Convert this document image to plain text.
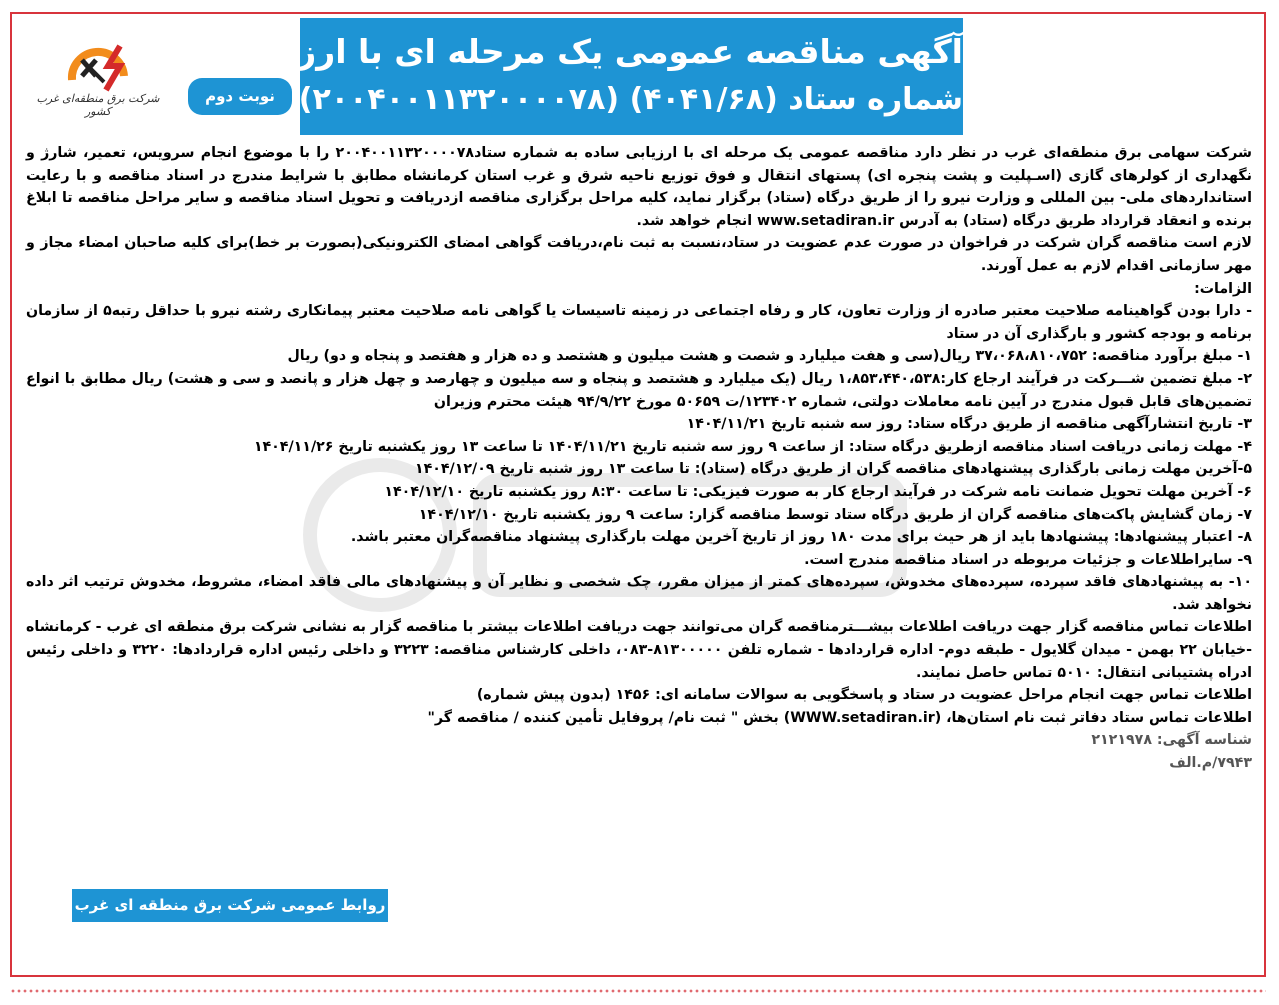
آگهی مناقصه عمومی یک مرحله ای با ارزیابی ساده
شماره ستاد (۴۰۴۱/۶۸) (۲۰۰۴۰۰۱۱۳۲۰۰۰۰۷۸)
نوبت دوم
شرکت برق منطقه‌ای غرب کشور

شرکت سهامی برق منطقه‌ای غرب در نظر دارد مناقصه عمومی یک مرحله ای با ارزیابی ساده به شماره ستاد۲۰۰۴۰۰۱۱۳۲۰۰۰۰۷۸ را با موضوع انجام سرویس، تعمیر، شارژ و نگهداری از کولرهای گازی (اسـپلیت و پشت پنجره ای) پستهای انتقال و فوق توزیع ناحیه شرق و غرب استان کرمانشاه مطابق با شرایط مندرج در اسناد مناقصه و با رعایت استانداردهای ملی- بین المللی و وزارت نیرو را از طریق درگاه (ستاد) برگزار نماید، کلیه مراحل برگزاری مناقصه ازدریافت و تحویل اسناد مناقصه و سایر مراحل مناقصه تا ابلاغ برنده و انعقاد قرارداد طریق درگاه (ستاد) به آدرس www.setadiran.ir انجام خواهد شد.

لازم است مناقصه گران شرکت در فراخوان در صورت عدم عضویت در ستاد،نسبت به ثبت نام،دریافت گواهی امضای الکترونیکی(بصورت بر خط)برای کلیه صاحبان امضاء مجاز و مهر سازمانی اقدام لازم به عمل آورند.

الزامات:

- دارا بودن گواهینامه صلاحیت معتبر صادره از وزارت تعاون، کار و رفاه اجتماعی در زمینه تاسیسات یا گواهی نامه صلاحیت معتبر پیمانکاری رشته نیرو با حداقل رتبه۵ از سازمان برنامه و بودجه کشور و بارگذاری آن در ستاد

۱- مبلغ برآورد مناقصه: ۳۷،۰۶۸،۸۱۰،۷۵۲ ریال(سی و هفت میلیارد و شصت و هشت میلیون و هشتصد و ده هزار و هفتصد و پنجاه و دو) ریال

۲- مبلغ تضمین شـــرکت در فرآیند ارجاع کار:۱،۸۵۳،۴۴۰،۵۳۸ ریال (یک میلیارد و هشتصد و پنجاه و سه میلیون و چهارصد و چهل هزار و پانصد و سی و هشت) ریال مطابق با انواع تضمین‌های قابل قبول مندرج در آیین نامه معاملات دولتی، شماره ۱۲۳۴۰۲/ت ۵۰۶۵۹ مورخ ۹۴/۹/۲۲ هیئت محترم وزیران

۳- تاریخ انتشارآگهی مناقصه از طریق درگاه ستاد: روز سه شنبه تاریخ ۱۴۰۴/۱۱/۲۱

۴- مهلت زمانی دریافت اسناد مناقصه ازطریق درگاه ستاد: از ساعت ۹ روز سه شنبه تاریخ ۱۴۰۴/۱۱/۲۱ تا ساعت ۱۳ روز یکشنبه تاریخ ۱۴۰۴/۱۱/۲۶

۵-آخرین مهلت زمانی بارگذاری پیشنهادهای مناقصه گران از طریق درگاه (ستاد): تا ساعت ۱۳ روز شنبه تاریخ ۱۴۰۴/۱۲/۰۹

۶- آخرین مهلت تحویل ضمانت نامه شرکت در فرآیند ارجاع کار به صورت فیزیکی: تا ساعت ۸:۳۰ روز یکشنبه تاریخ ۱۴۰۴/۱۲/۱۰

۷- زمان گشایش پاکت‌های مناقصه گران از طریق درگاه ستاد توسط مناقصه گزار: ساعت ۹ روز یکشنبه تاریخ ۱۴۰۴/۱۲/۱۰

۸- اعتبار پیشنهادها: پیشنهادها باید از هر حیث برای مدت ۱۸۰ روز از تاریخ آخرین مهلت بارگذاری پیشنهاد مناقصه‌گران معتبر باشد.

۹- سایراطلاعات و جزئیات مربوطه در اسناد مناقصه مندرج است.

۱۰- به پیشنهادهای فاقد سپرده، سپرده‌های مخدوش، سپرده‌های کمتر از میزان مقرر، چک شخصی و نظایر آن و پیشنهادهای مالی فاقد امضاء، مشروط، مخدوش ترتیب اثر داده نخواهد شد.

اطلاعات تماس مناقصه گزار جهت دریافت اطلاعات بیشـــترمناقصه گران می‌توانند جهت دریافت اطلاعات بیشتر با مناقصه گزار به نشانی شرکت برق منطقه ای غرب - کرمانشاه -خیابان ۲۲ بهمن - میدان گلایول - طبقه دوم- اداره قراردادها - شماره تلفن ۸۱۳۰۰۰۰۰-۰۸۳، داخلی کارشناس مناقصه: ۳۲۲۳ و داخلی رئیس اداره قراردادها: ۳۲۲۰ و داخلی رئیس ادراه پشتیبانی انتقال: ۵۰۱۰ تماس حاصل نمایند.

اطلاعات تماس جهت انجام مراحل عضویت در ستاد و پاسخگویی به سوالات سامانه ای: ۱۴۵۶ (بدون پیش شماره)

اطلاعات تماس ستاد دفاتر ثبت نام استان‌ها، (WWW.setadiran.ir) بخش " ثبت نام/ پروفایل تأمین کننده / مناقصه گر"

شناسه آگهی: ۲۱۲۱۹۷۸

۷۹۴۳/م.الف

روابط عمومی شرکت برق منطقه ای غرب
